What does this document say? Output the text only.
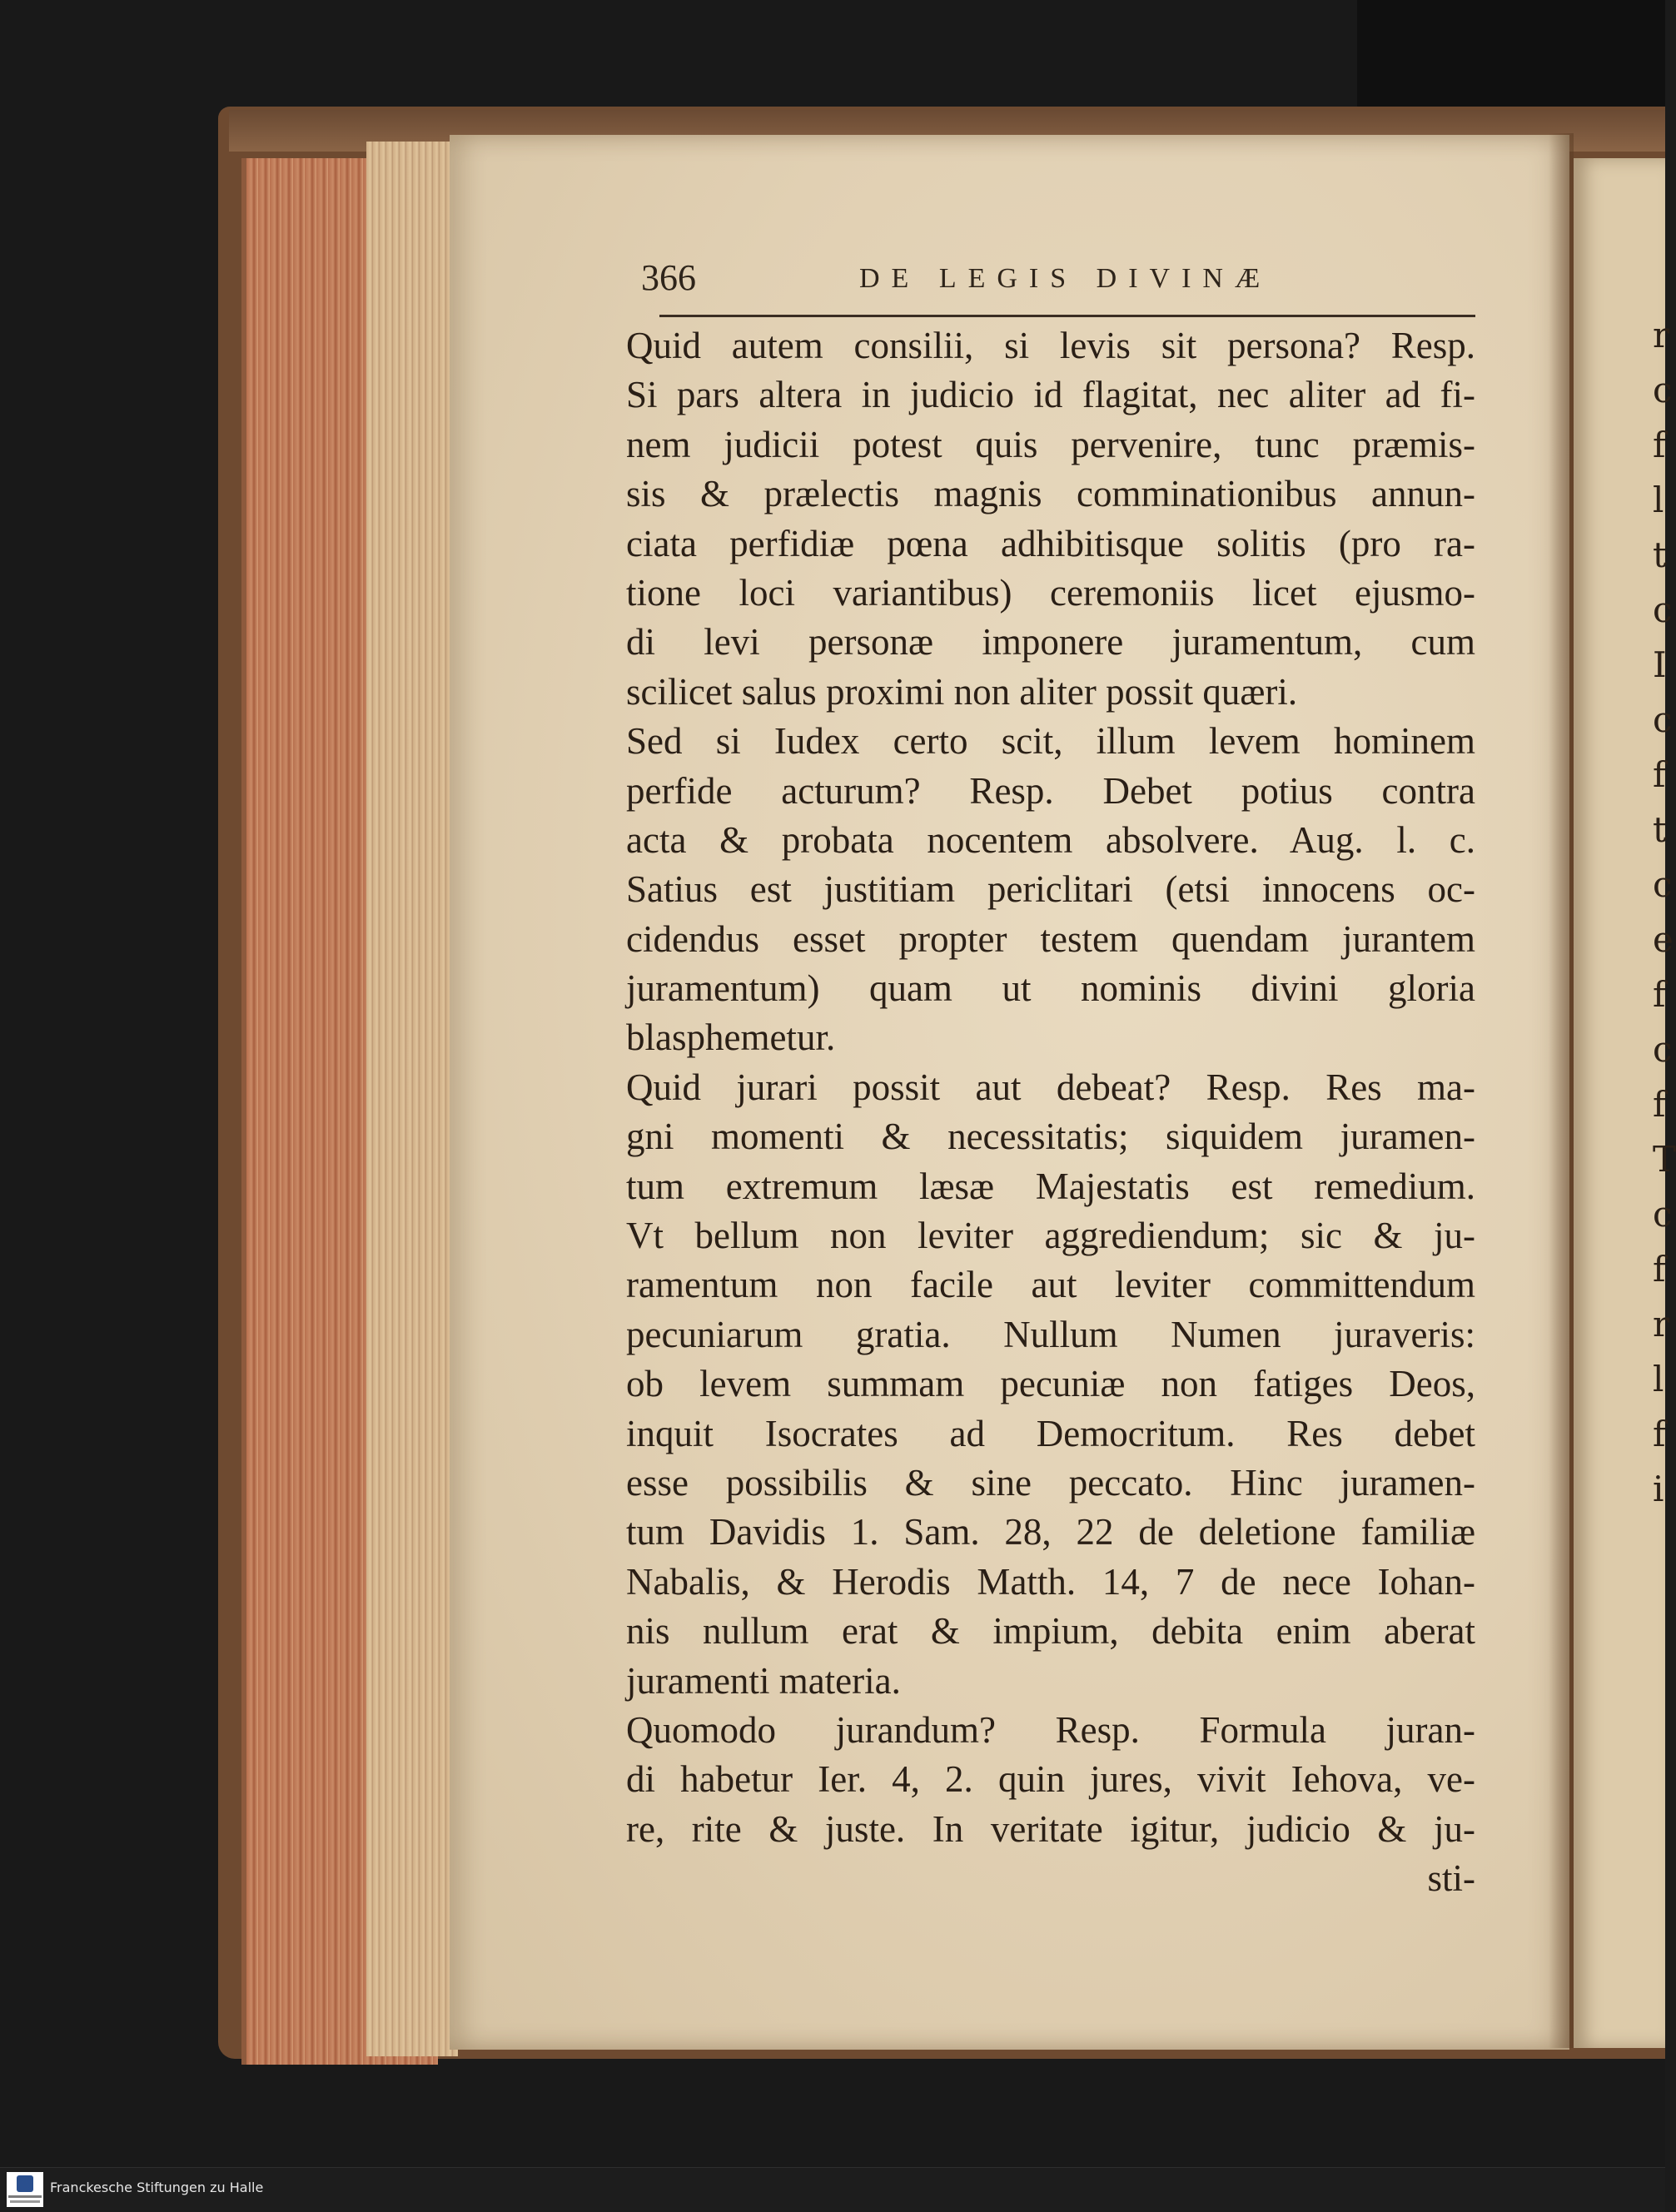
r
c
f
l
t
c
I
c
f
t
c
e
f
c
f
T
c
f
r
l
f
i
366	DE LEGIS DIVINÆ
Quid autem consilii, si levis sit persona? Resp.
Si pars altera in judicio id flagitat, nec aliter ad fi-
nem judicii potest quis pervenire, tunc præmis-
sis & prælectis magnis comminationibus annun-
ciata perfidiæ pœna adhibitisque solitis (pro ra-
tione loci variantibus) ceremoniis licet ejusmo-
di levi personæ imponere juramentum, cum
scilicet salus proximi non aliter possit quæri.
Sed si Iudex certo scit, illum levem hominem
perfide acturum? Resp. Debet potius contra
acta & probata nocentem absolvere. Aug. l. c.
Satius est justitiam periclitari (etsi innocens oc-
cidendus esset propter testem quendam jurantem
juramentum) quam ut nominis divini gloria
blasphemetur.
Quid jurari possit aut debeat? Resp. Res ma-
gni momenti & necessitatis; siquidem juramen-
tum extremum læsæ Majestatis est remedium.
Vt bellum non leviter aggrediendum; sic & ju-
ramentum non facile aut leviter committendum
pecuniarum gratia. Nullum Numen juraveris:
ob levem summam pecuniæ non fatiges Deos,
inquit Isocrates ad Democritum. Res debet
esse possibilis & sine peccato. Hinc juramen-
tum Davidis 1. Sam. 28, 22 de deletione familiæ
Nabalis, & Herodis Matth. 14, 7 de nece Iohan-
nis nullum erat & impium, debita enim aberat
juramenti materia.
Quomodo jurandum? Resp. Formula juran-
di habetur Ier. 4, 2. quin jures, vivit Iehova, ve-
re, rite & juste. In veritate igitur, judicio & ju-
sti-
Franckesche Stiftungen zu Halle
